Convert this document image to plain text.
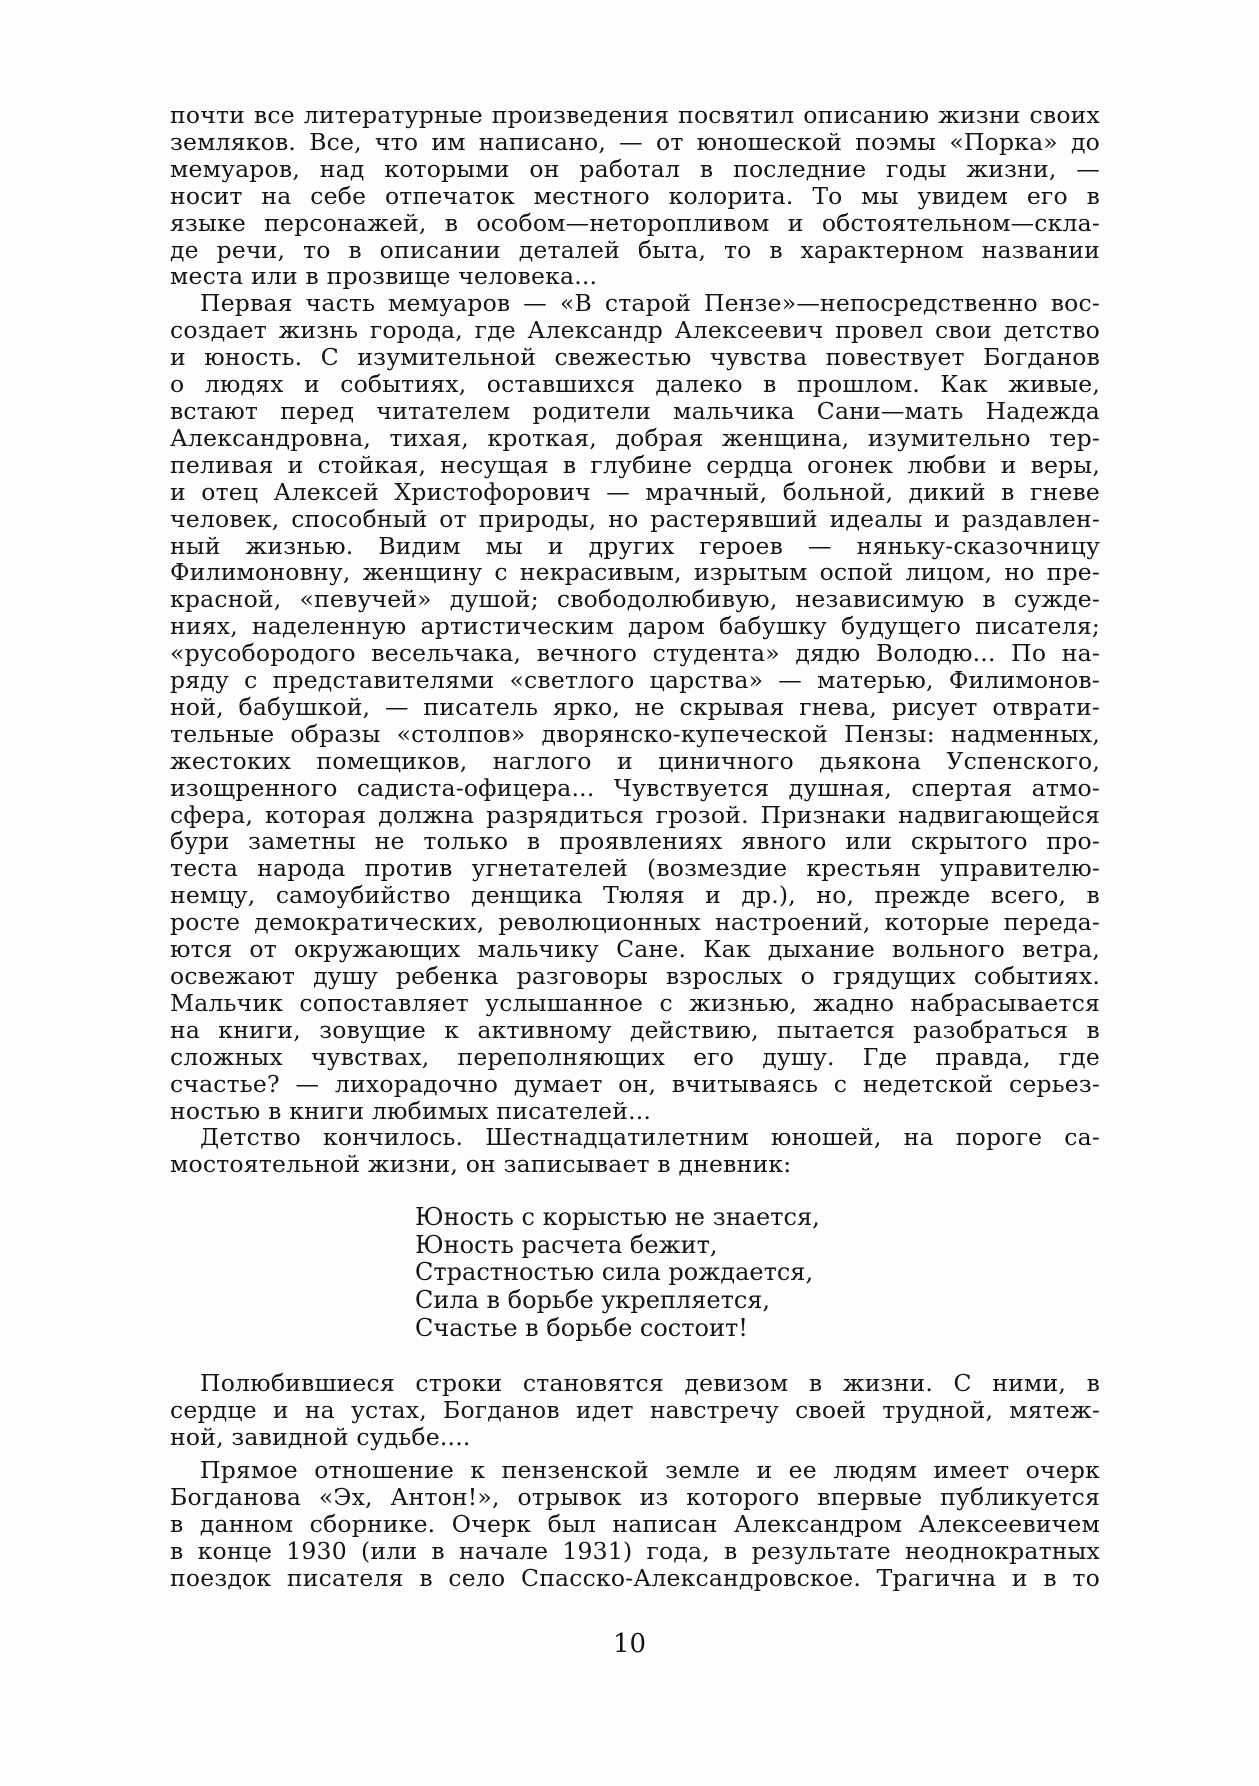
почти все литературные произведения посвятил описанию жизни своих

земляков. Все, что им написано, — от юношеской поэмы «Порка» до

мемуаров, над которыми он работал в последние годы жизни, —

носит на себе отпечаток местного колорита. То мы увидем его в

языке персонажей, в особом—неторопливом и обстоятельном—скла-

де речи, то в описании деталей быта, то в характерном названии

места или в прозвище человека...

Первая часть мемуаров — «В старой Пензе»—непосредственно вос-

создает жизнь города, где Александр Алексеевич провел свои детство

и юность. С изумительной свежестью чувства повествует Богданов

о людях и событиях, оставшихся далеко в прошлом. Как живые,

встают перед читателем родители мальчика Сани—мать Надежда

Александровна, тихая, кроткая, добрая женщина, изумительно тер-

пеливая и стойкая, несущая в глубине сердца огонек любви и веры,

и отец Алексей Христофорович — мрачный, больной, дикий в гневе

человек, способный от природы, но растерявший идеалы и раздавлен-

ный жизнью. Видим мы и других героев — няньку-сказочницу

Филимоновну, женщину с некрасивым, изрытым оспой лицом, но пре-

красной, «певучей» душой; свободолюбивую, независимую в сужде-

ниях, наделенную артистическим даром бабушку будущего писателя;

«русобородого весельчака, вечного студента» дядю Володю... По на-

ряду с представителями «светлого царства» — матерью, Филимонов-

ной, бабушкой, — писатель ярко, не скрывая гнева, рисует отврати-

тельные образы «столпов» дворянско-купеческой Пензы: надменных,

жестоких помещиков, наглого и циничного дьякона Успенского,

изощренного садиста-офицера... Чувствуется душная, спертая атмо-

сфера, которая должна разрядиться грозой. Признаки надвигающейся

бури заметны не только в проявлениях явного или скрытого про-

теста народа против угнетателей (возмездие крестьян управителю-

немцу, самоубийство денщика Тюляя и др.), но, прежде всего, в

росте демократических, революционных настроений, которые переда-

ются от окружающих мальчику Сане. Как дыхание вольного ветра,

освежают душу ребенка разговоры взрослых о грядущих событиях.

Мальчик сопоставляет услышанное с жизнью, жадно набрасывается

на книги, зовущие к активному действию, пытается разобраться в

сложных чувствах, переполняющих его душу. Где правда, где

счастье? — лихорадочно думает он, вчитываясь с недетской серьез-

ностью в книги любимых писателей...

Детство кончилось. Шестнадцатилетним юношей, на пороге са-

мостоятельной жизни, он записывает в дневник:

Юность с корыстью не знается,

Юность расчета бежит,

Страстностью сила рождается,

Сила в борьбе укрепляется,

Счастье в борьбе состоит!

Полюбившиеся строки становятся девизом в жизни. С ними, в

сердце и на устах, Богданов идет навстречу своей трудной, мятеж-

ной, завидной судьбе....

Прямое отношение к пензенской земле и ее людям имеет очерк

Богданова «Эх, Антон!», отрывок из которого впервые публикуется

в данном сборнике. Очерк был написан Александром Алексеевичем

в конце 1930 (или в начале 1931) года, в результате неоднократных

поездок писателя в село Спасско-Александровское. Трагична и в то

10
